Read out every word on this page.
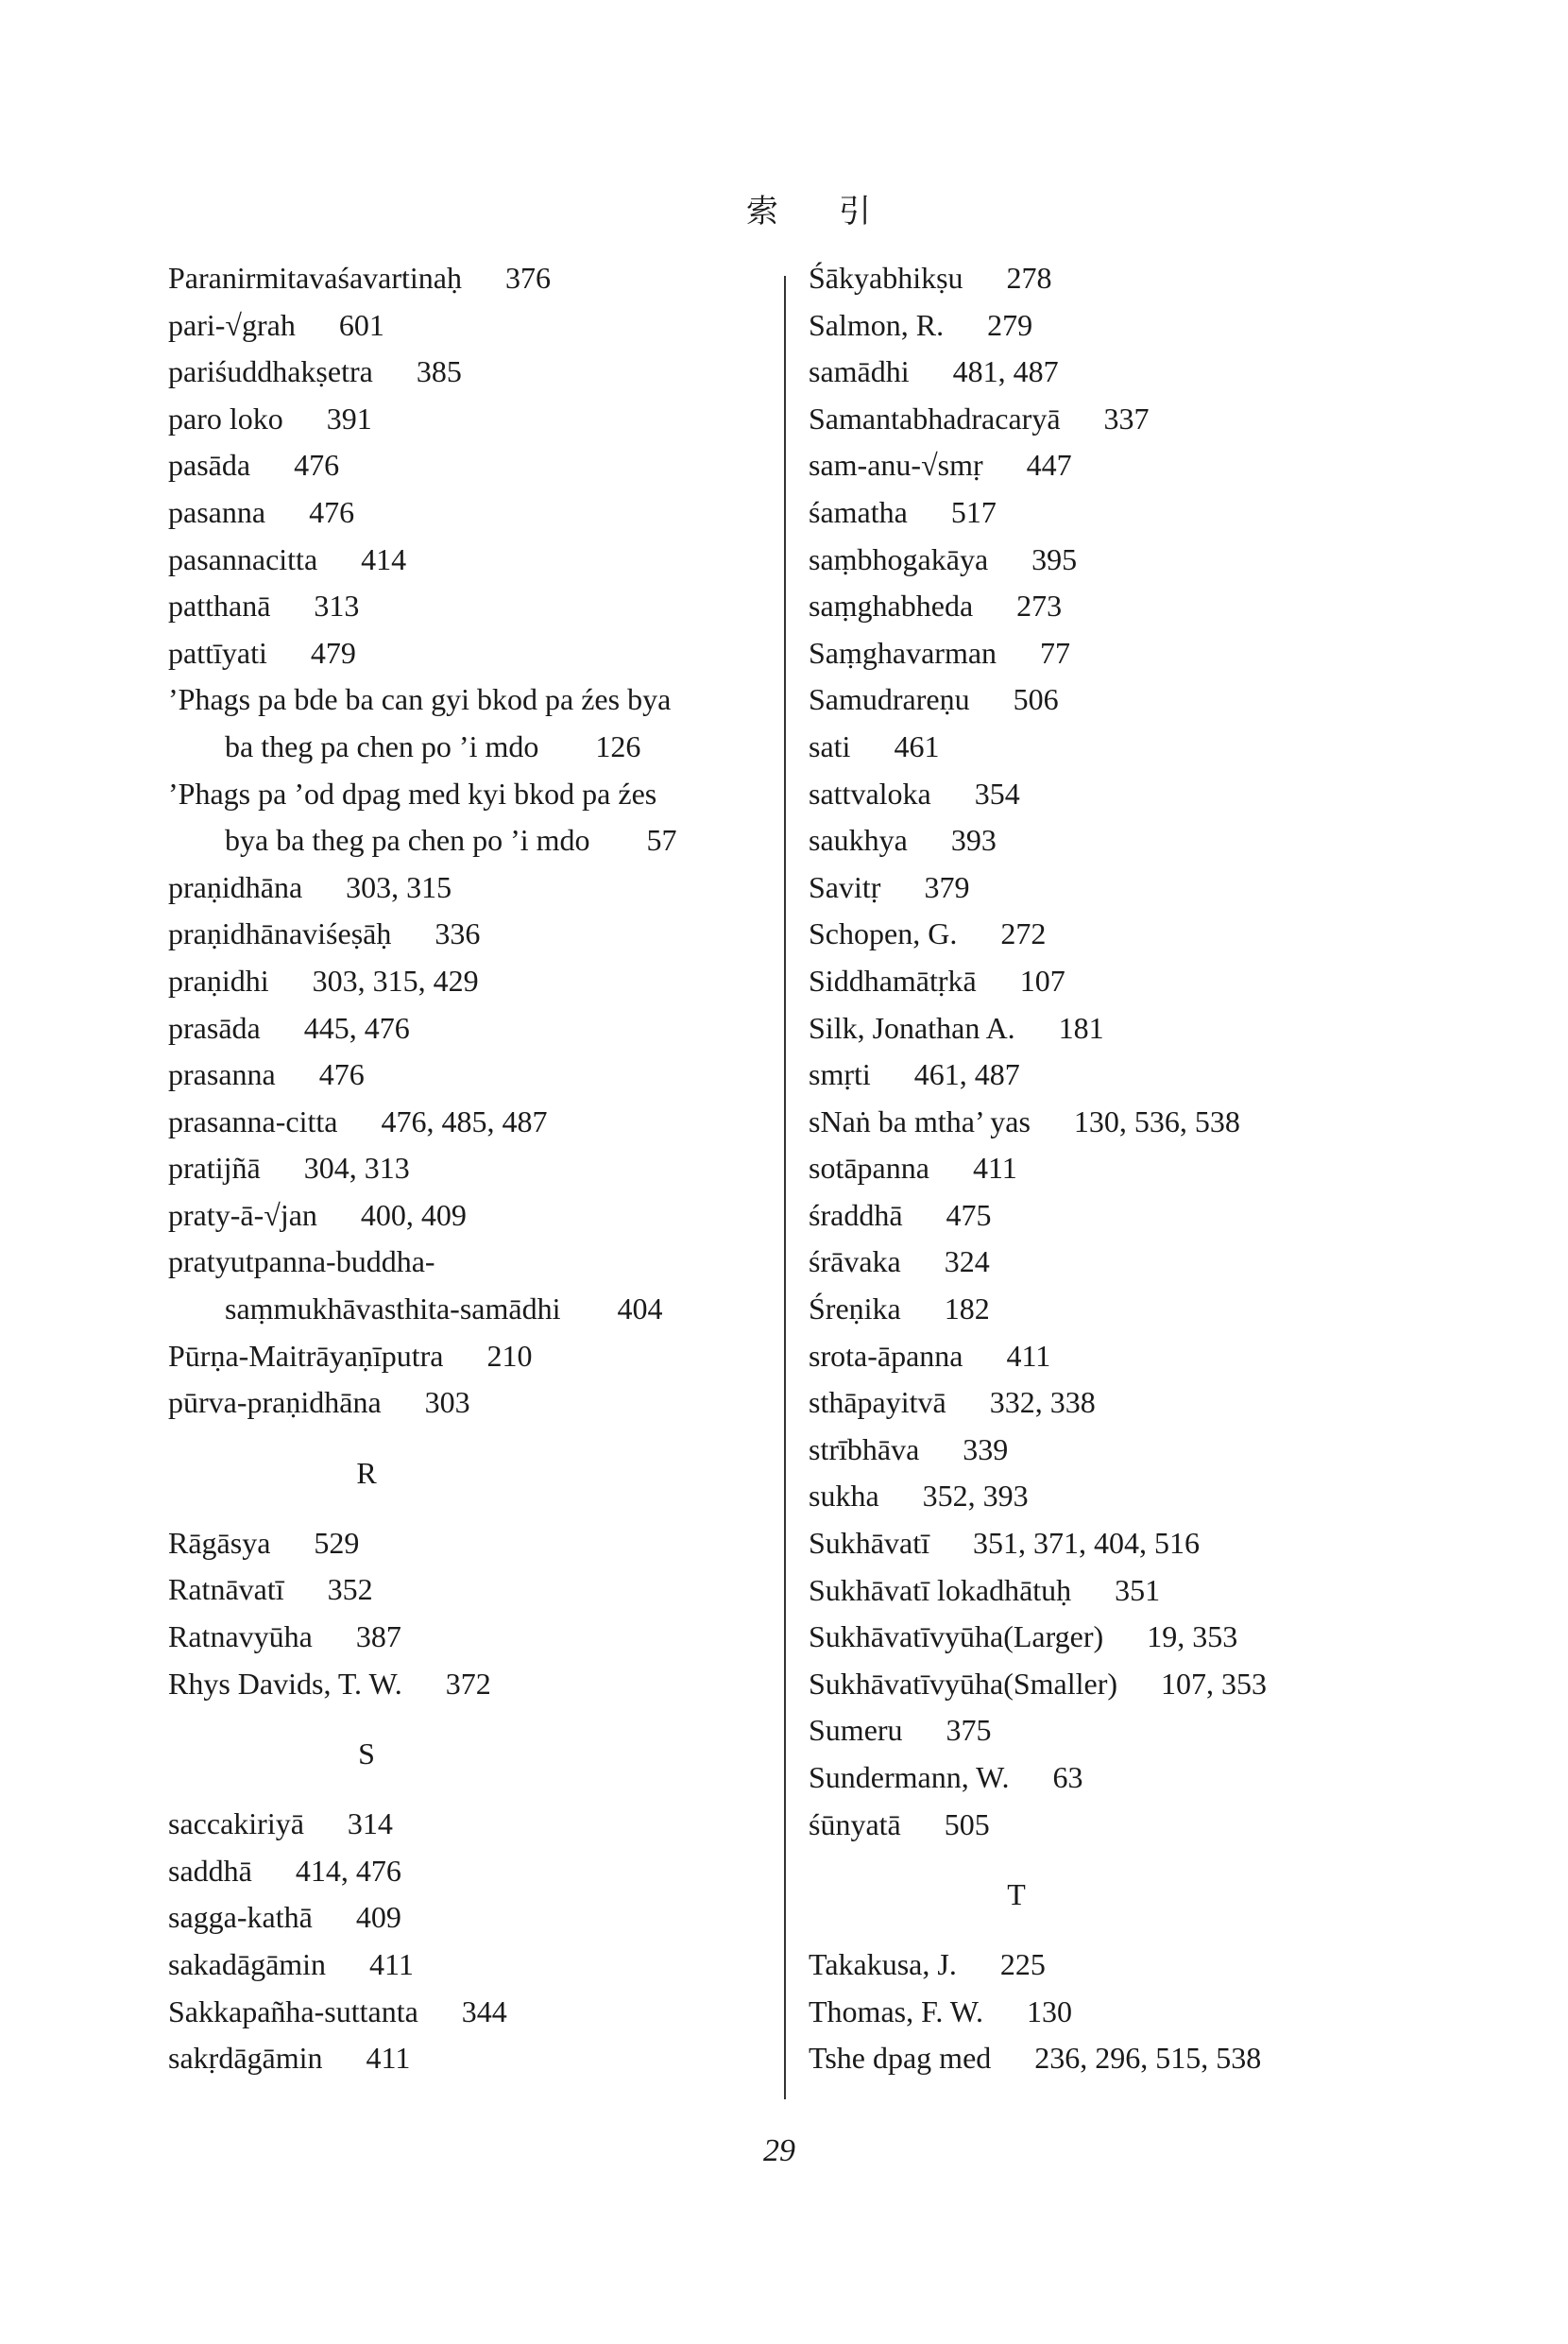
索引
Paranirmitavaśavartinaḥ 376
pari-√grah 601
pariśuddhakṣetra 385
paro loko 391
pasāda 476
pasanna 476
pasannacitta 414
patthanā 313
pattīyati 479
’Phags pa bde ba can gyi bkod pa źes bya
ba theg pa chen po ’i mdo 126
’Phags pa ’od dpag med kyi bkod pa źes
bya ba theg pa chen po ’i mdo 57
praṇidhāna 303, 315
praṇidhānaviśeṣāḥ 336
praṇidhi 303, 315, 429
prasāda 445, 476
prasanna 476
prasanna-citta 476, 485, 487
pratijñā 304, 313
praty-ā-√jan 400, 409
pratyutpanna-buddha-
saṃmukhāvasthita-samādhi 404
Pūrṇa-Maitrāyaṇīputra 210
pūrva-praṇidhāna 303
R
Rāgāsya 529
Ratnāvatī 352
Ratnavyūha 387
Rhys Davids, T. W. 372
S
saccakiriyā 314
saddhā 414, 476
sagga-kathā 409
sakadāgāmin 411
Sakkapañha-suttanta 344
sakṛdāgāmin 411
Śākyabhikṣu 278
Salmon, R. 279
samādhi 481, 487
Samantabhadracaryā 337
sam-anu-√smṛ 447
śamatha 517
saṃbhogakāya 395
saṃghabheda 273
Saṃghavarman 77
Samudrareṇu 506
sati 461
sattvaloka 354
saukhya 393
Savitṛ 379
Schopen, G. 272
Siddhamātṛkā 107
Silk, Jonathan A. 181
smṛti 461, 487
sNaṅ ba mtha’ yas 130, 536, 538
sotāpanna 411
śraddhā 475
śrāvaka 324
Śreṇika 182
srota-āpanna 411
sthāpayitvā 332, 338
strībhāva 339
sukha 352, 393
Sukhāvatī 351, 371, 404, 516
Sukhāvatī lokadhātuḥ 351
Sukhāvatīvyūha(Larger) 19, 353
Sukhāvatīvyūha(Smaller) 107, 353
Sumeru 375
Sundermann, W. 63
śūnyatā 505
T
Takakusa, J. 225
Thomas, F. W. 130
Tshe dpag med 236, 296, 515, 538
29
